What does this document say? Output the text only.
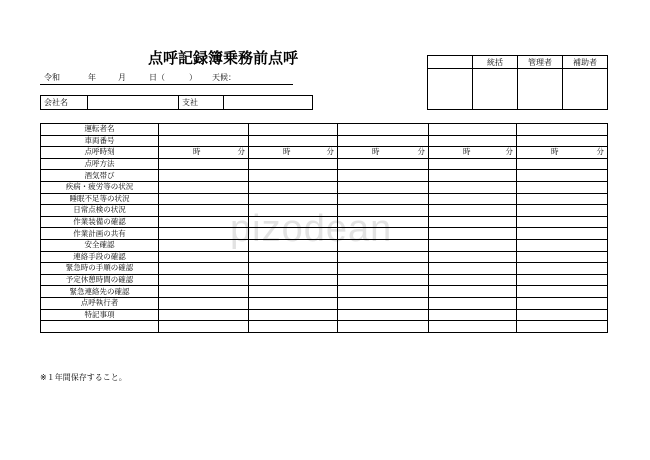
pizodean
点呼記録簿乗務前点呼
令和	年	月	日（	） 天候：
会社名		支社	
	統括	管理者	補助者

運転者名					
車両番号					
点呼時刻	時 分	時 分	時 分	時 分	時 分

点呼方法					
酒気帯び					
疾病・疲労等の状況					
睡眠不足等の状況					
日常点検の状況					
作業装備の確認					
作業計画の共有					
安全確認					
連絡手段の確認					
緊急時の手順の確認					
予定休憩時間の確認					
緊急連絡先の確認					
点呼執行者					
特記事項					

※１年間保存すること。
